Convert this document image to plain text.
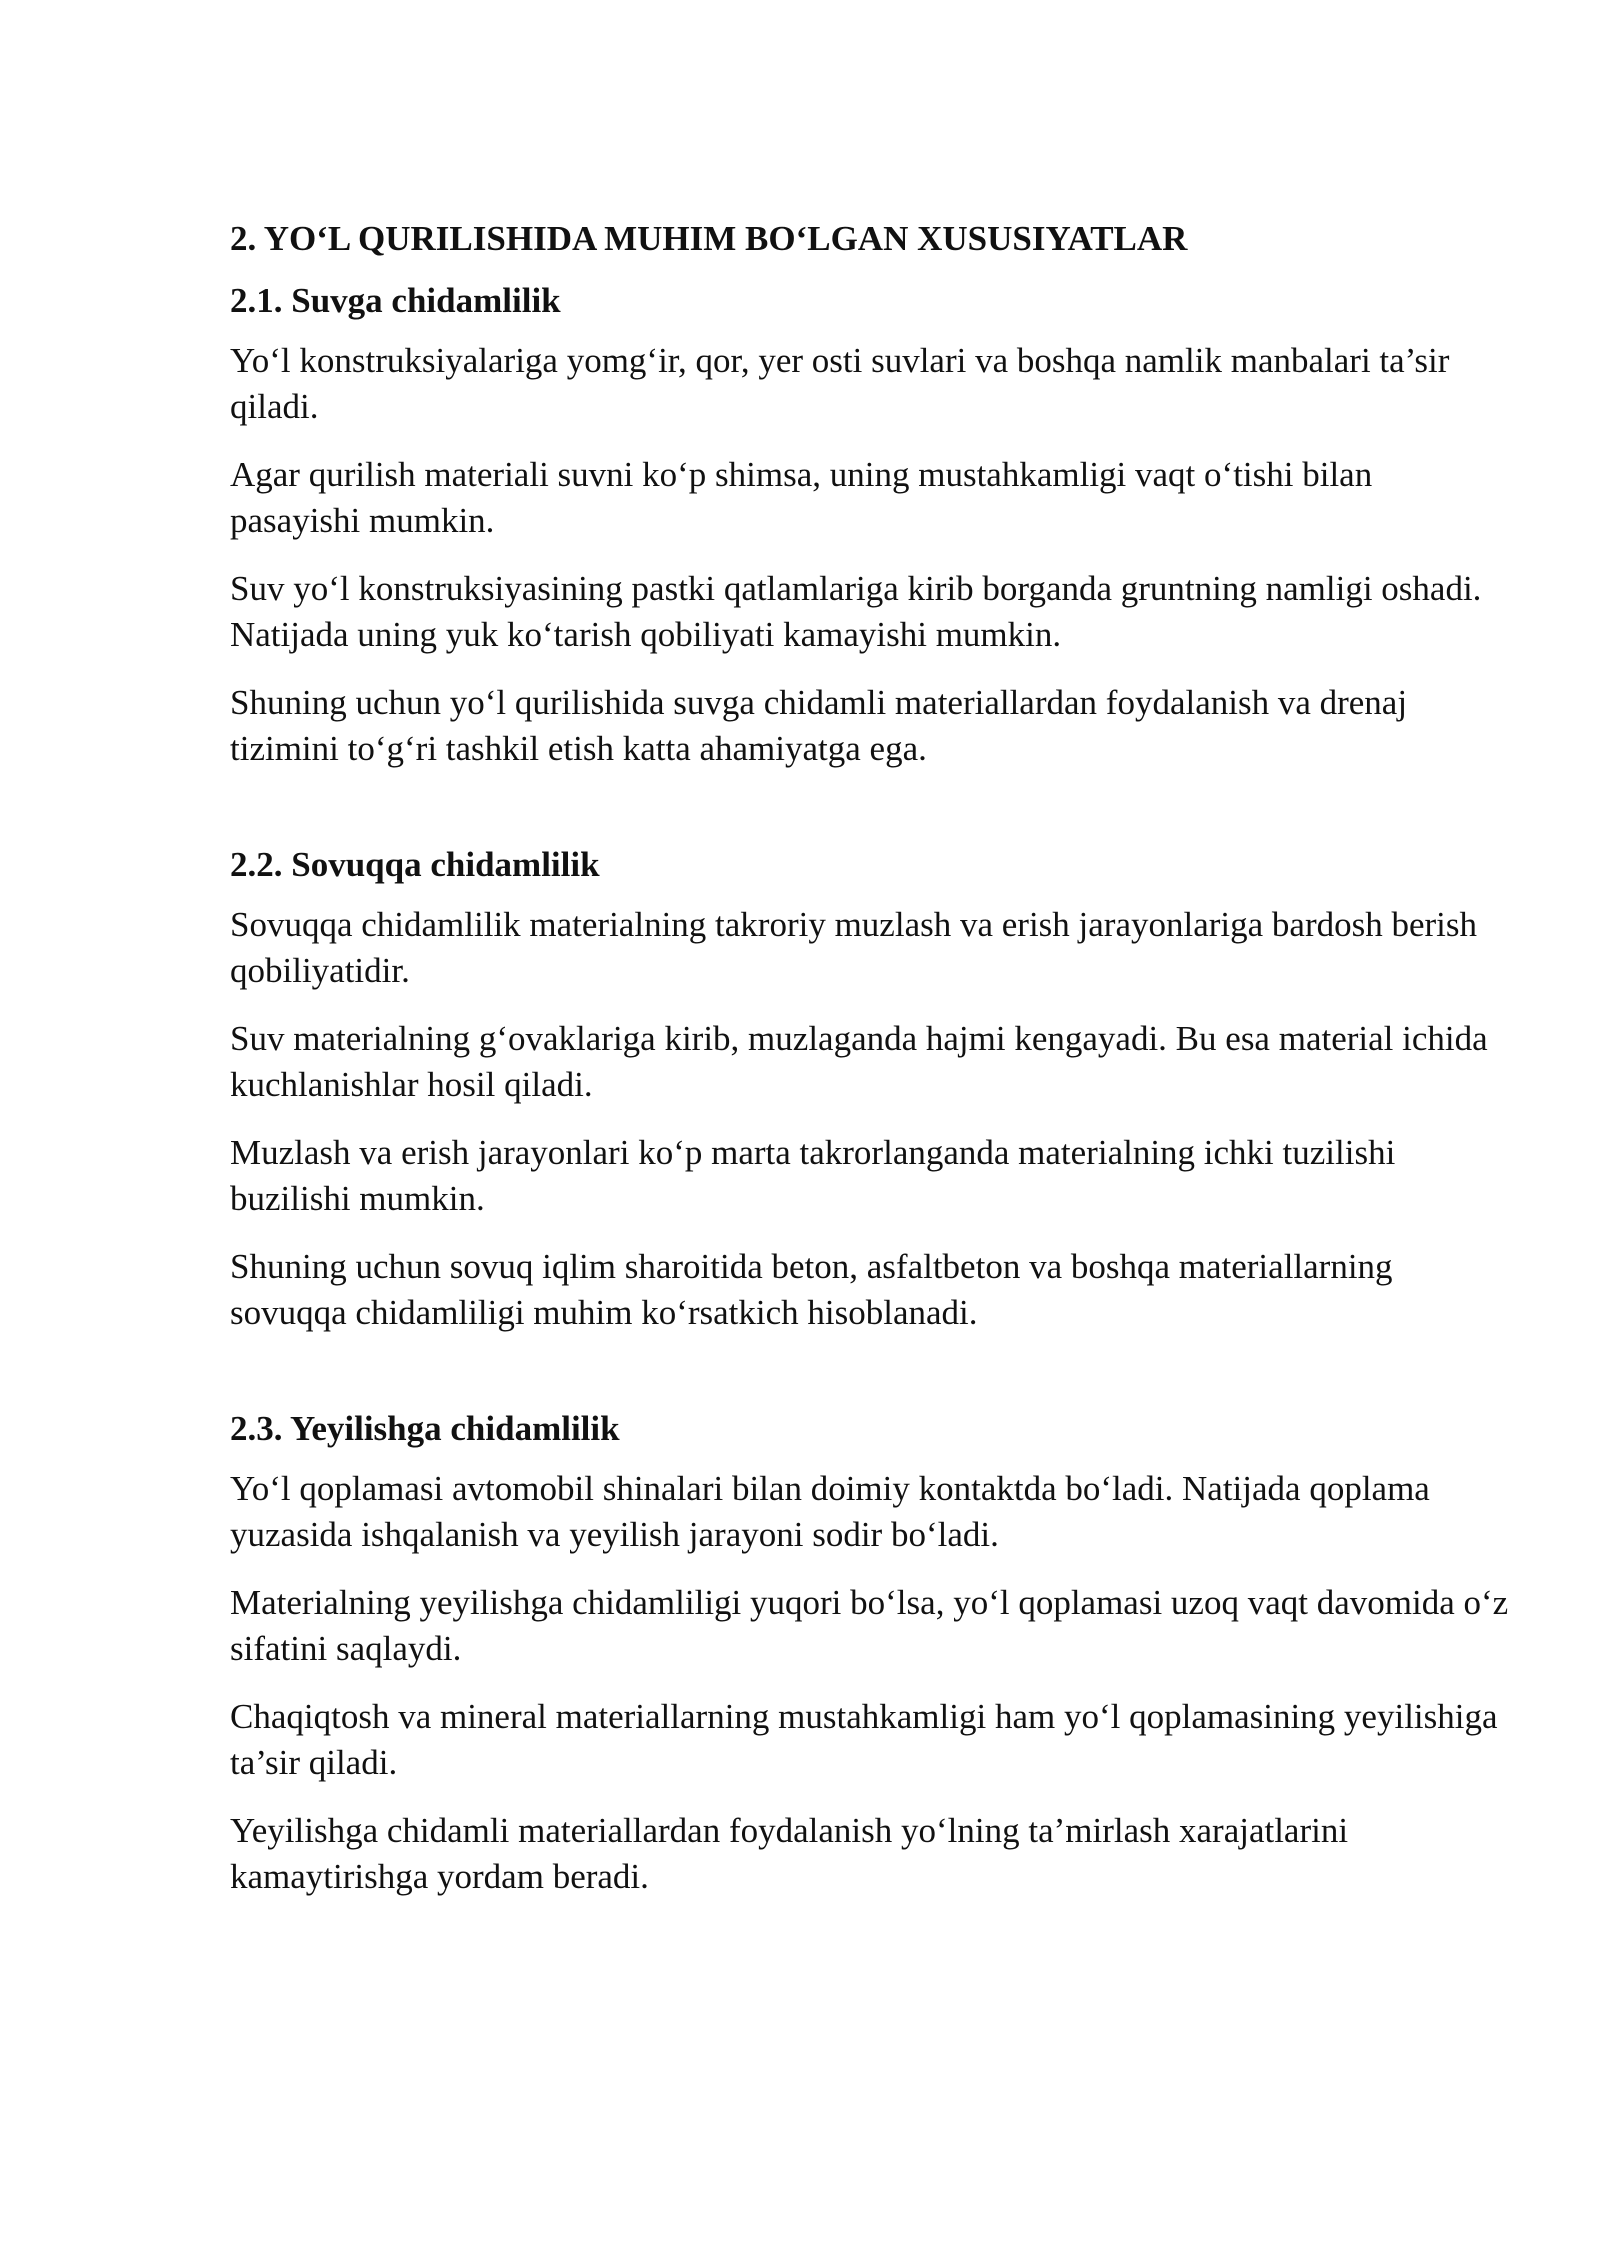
2. YO‘L QURILISHIDA MUHIM BO‘LGAN XUSUSIYATLAR
2.1. Suvga chidamlilik

Yo‘l konstruksiyalariga yomg‘ir, qor, yer osti suvlari va boshqa namlik manbalari ta’sir qiladi.

Agar qurilish materiali suvni ko‘p shimsa, uning mustahkamligi vaqt o‘tishi bilan pasayishi mumkin.

Suv yo‘l konstruksiyasining pastki qatlamlariga kirib borganda gruntning namligi oshadi. Natijada uning yuk ko‘tarish qobiliyati kamayishi mumkin.

Shuning uchun yo‘l qurilishida suvga chidamli materiallardan foydalanish va drenaj tizimini to‘g‘ri tashkil etish katta ahamiyatga ega.

2.2. Sovuqqa chidamlilik

Sovuqqa chidamlilik materialning takroriy muzlash va erish jarayonlariga bardosh berish qobiliyatidir.

Suv materialning g‘ovaklariga kirib, muzlaganda hajmi kengayadi. Bu esa material ichida kuchlanishlar hosil qiladi.

Muzlash va erish jarayonlari ko‘p marta takrorlanganda materialning ichki tuzilishi buzilishi mumkin.

Shuning uchun sovuq iqlim sharoitida beton, asfaltbeton va boshqa materiallarning sovuqqa chidamliligi muhim ko‘rsatkich hisoblanadi.

2.3. Yeyilishga chidamlilik

Yo‘l qoplamasi avtomobil shinalari bilan doimiy kontaktda bo‘ladi. Natijada qoplama yuzasida ishqalanish va yeyilish jarayoni sodir bo‘ladi.

Materialning yeyilishga chidamliligi yuqori bo‘lsa, yo‘l qoplamasi uzoq vaqt davomida o‘z sifatini saqlaydi.

Chaqiqtosh va mineral materiallarning mustahkamligi ham yo‘l qoplamasining yeyilishiga ta’sir qiladi.

Yeyilishga chidamli materiallardan foydalanish yo‘lning ta’mirlash xarajatlarini kamaytirishga yordam beradi.
